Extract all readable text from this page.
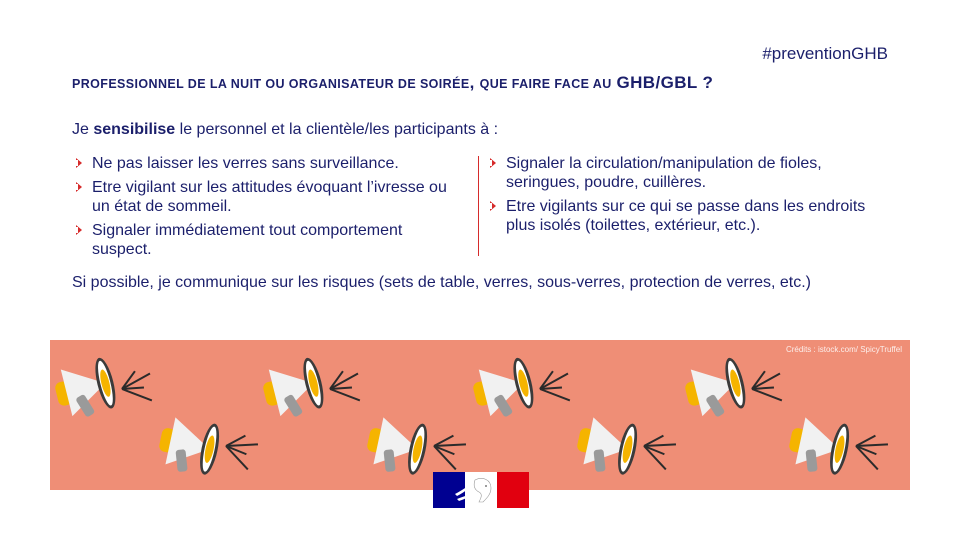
#preventionGHB
PROFESSIONNEL DE LA NUIT OU ORGANISATEUR DE SOIRÉE, QUE FAIRE FACE AU GHB/GBL ?
Je sensibilise le personnel et la clientèle/les participants à :
Ne pas laisser les verres sans surveillance.
Etre vigilant sur les attitudes évoquant l’ivresse ou un état de sommeil.
Signaler immédiatement tout comportement suspect.
Signaler la circulation/manipulation de fioles, seringues, poudre, cuillères.
Etre vigilants sur ce qui se passe dans les endroits plus isolés (toilettes, extérieur, etc.).
Si possible, je communique sur les risques (sets de table, verres, sous-verres, protection de verres, etc.)
Crédits : istock.com/ SpicyTruffel
